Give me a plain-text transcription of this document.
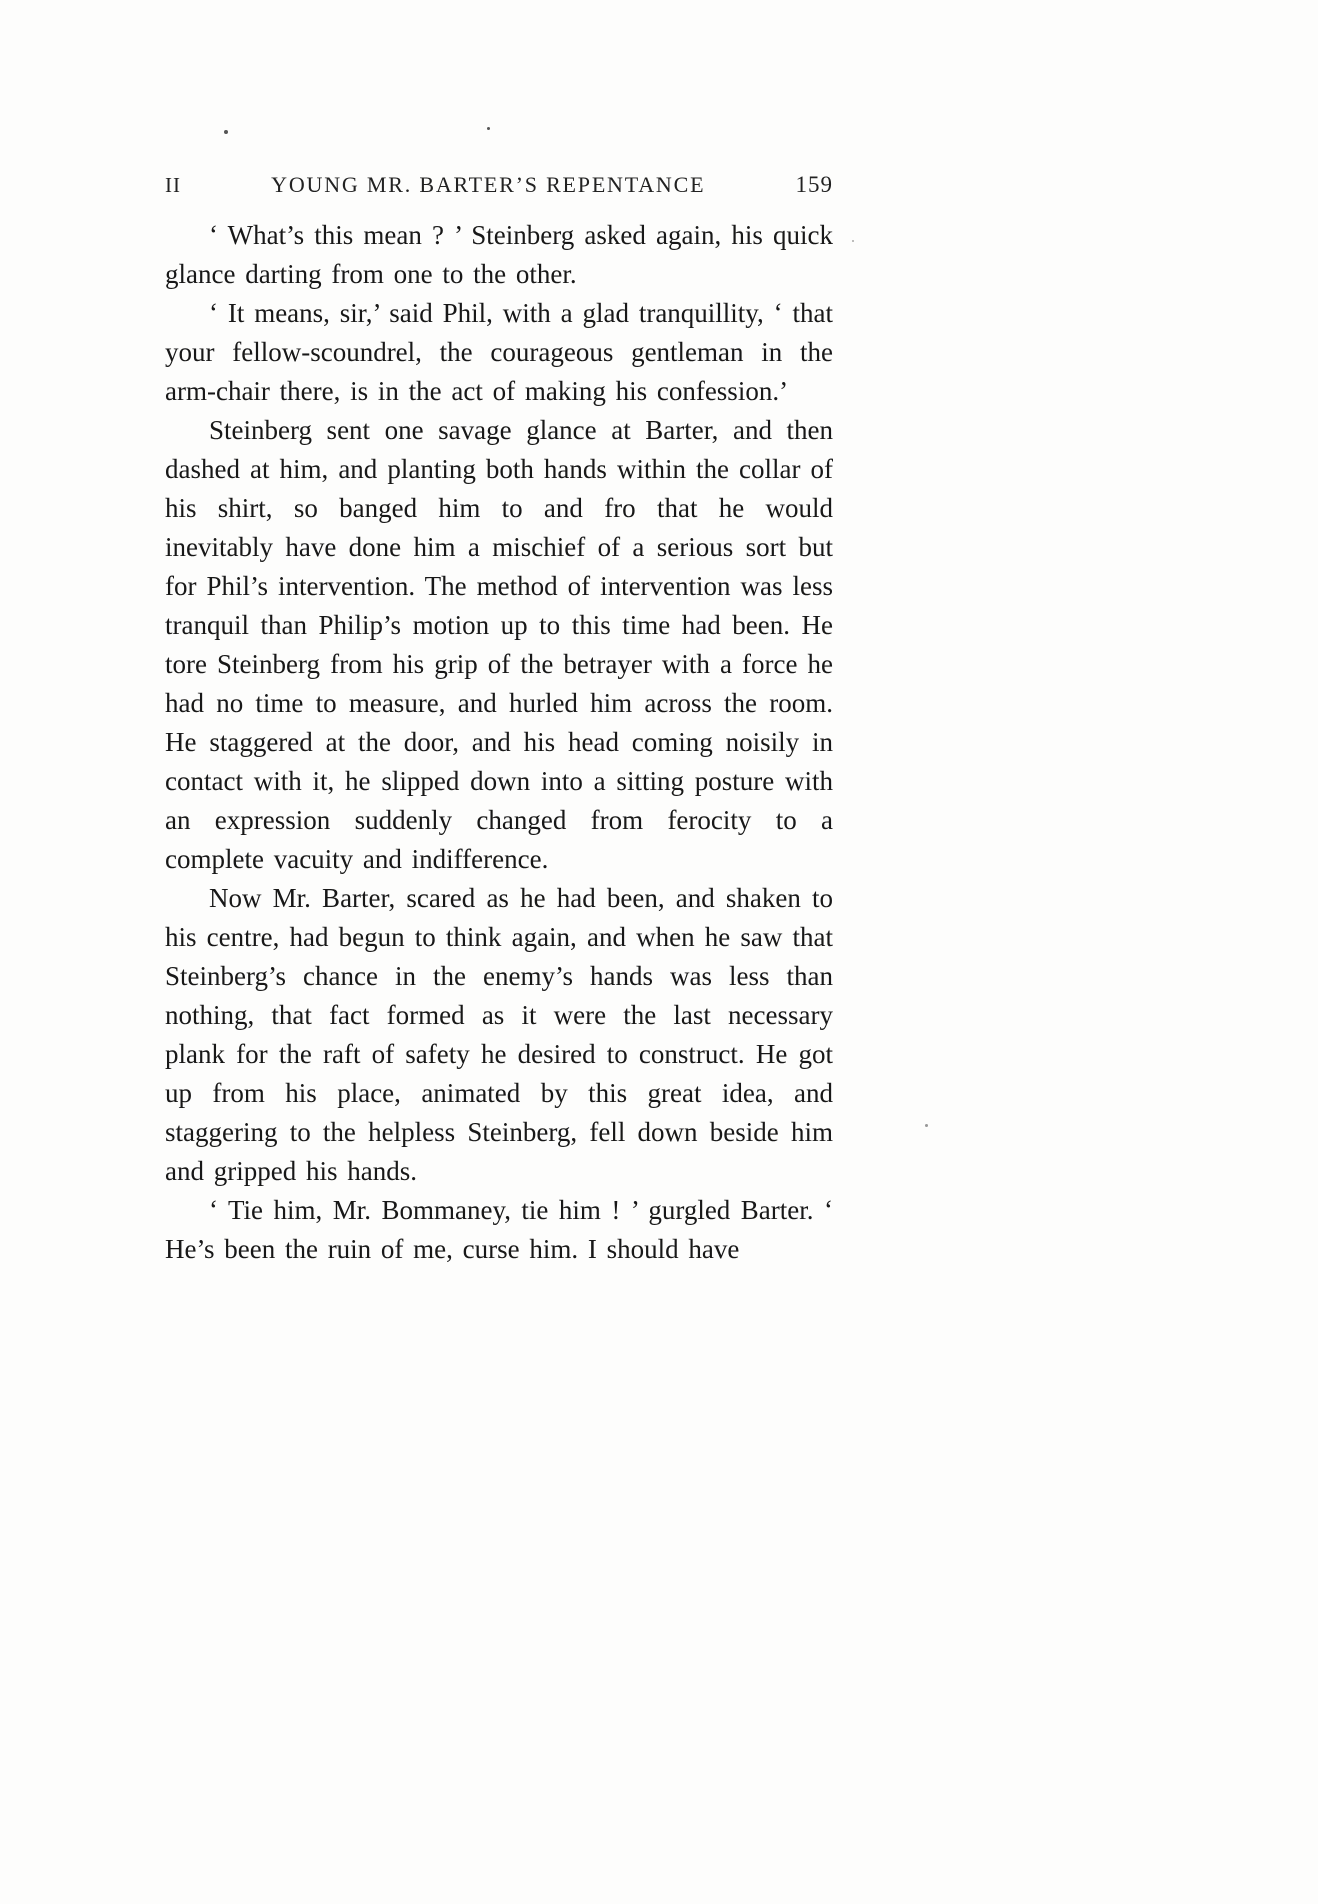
II	YOUNG MR. BARTER’S REPENTANCE	159

‘ What’s this mean ? ’ Steinberg asked again, his quick glance darting from one to the other.

‘ It means, sir,’ said Phil, with a glad tranquillity, ‘ that your fellow-scoundrel, the courageous gentleman in the arm-chair there, is in the act of making his confession.’

Steinberg sent one savage glance at Barter, and then dashed at him, and planting both hands within the collar of his shirt, so banged him to and fro that he would inevitably have done him a mischief of a serious sort but for Phil’s intervention. The method of intervention was less tranquil than Philip’s motion up to this time had been. He tore Steinberg from his grip of the betrayer with a force he had no time to measure, and hurled him across the room. He staggered at the door, and his head coming noisily in contact with it, he slipped down into a sitting posture with an expression suddenly changed from ferocity to a complete vacuity and indifference.

Now Mr. Barter, scared as he had been, and shaken to his centre, had begun to think again, and when he saw that Steinberg’s chance in the enemy’s hands was less than nothing, that fact formed as it were the last necessary plank for the raft of safety he desired to construct. He got up from his place, animated by this great idea, and staggering to the helpless Steinberg, fell down beside him and gripped his hands.

‘ Tie him, Mr. Bommaney, tie him ! ’ gurgled Barter. ‘ He’s been the ruin of me, curse him. I should have
